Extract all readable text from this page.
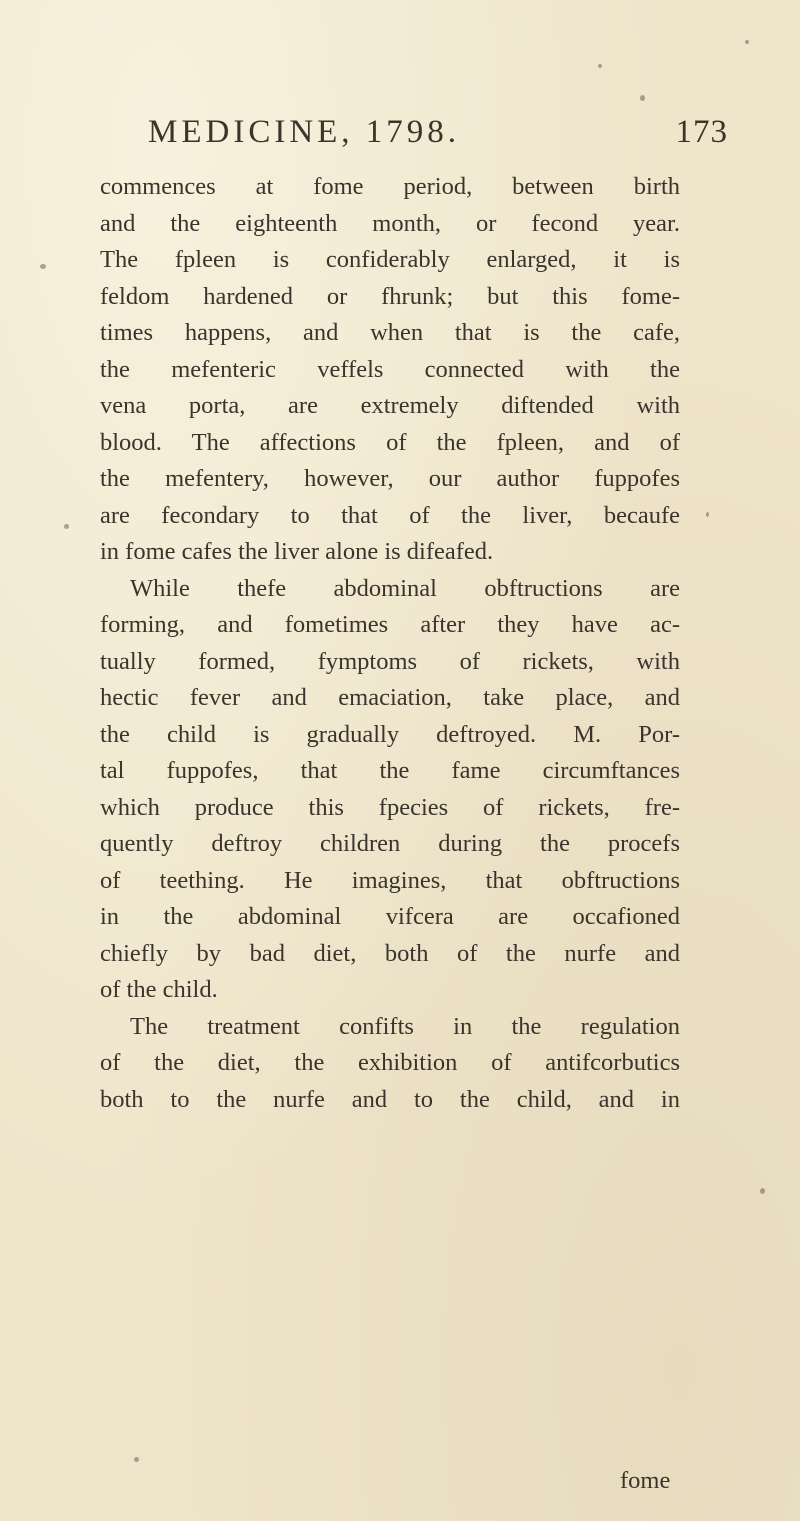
MEDICINE, 1798.	173
commences at fome period, between birth
and the eighteenth month, or fecond year.
The fpleen is confiderably enlarged, it is
feldom hardened or fhrunk; but this fome-
times happens, and when that is the cafe,
the mefenteric veffels connected with the
vena porta, are extremely diftended with
blood. The affections of the fpleen, and of
the mefentery, however, our author fuppofes
are fecondary to that of the liver, becaufe
in fome cafes the liver alone is difeafed.
While thefe abdominal obftructions are
forming, and fometimes after they have ac-
tually formed, fymptoms of rickets, with
hectic fever and emaciation, take place, and
the child is gradually deftroyed. M. Por-
tal fuppofes, that the fame circumftances
which produce this fpecies of rickets, fre-
quently deftroy children during the procefs
of teething. He imagines, that obftructions
in the abdominal vifcera are occafioned
chiefly by bad diet, both of the nurfe and
of the child.
The treatment confifts in the regulation
of the diet, the exhibition of antifcorbutics
both to the nurfe and to the child, and in
fome
